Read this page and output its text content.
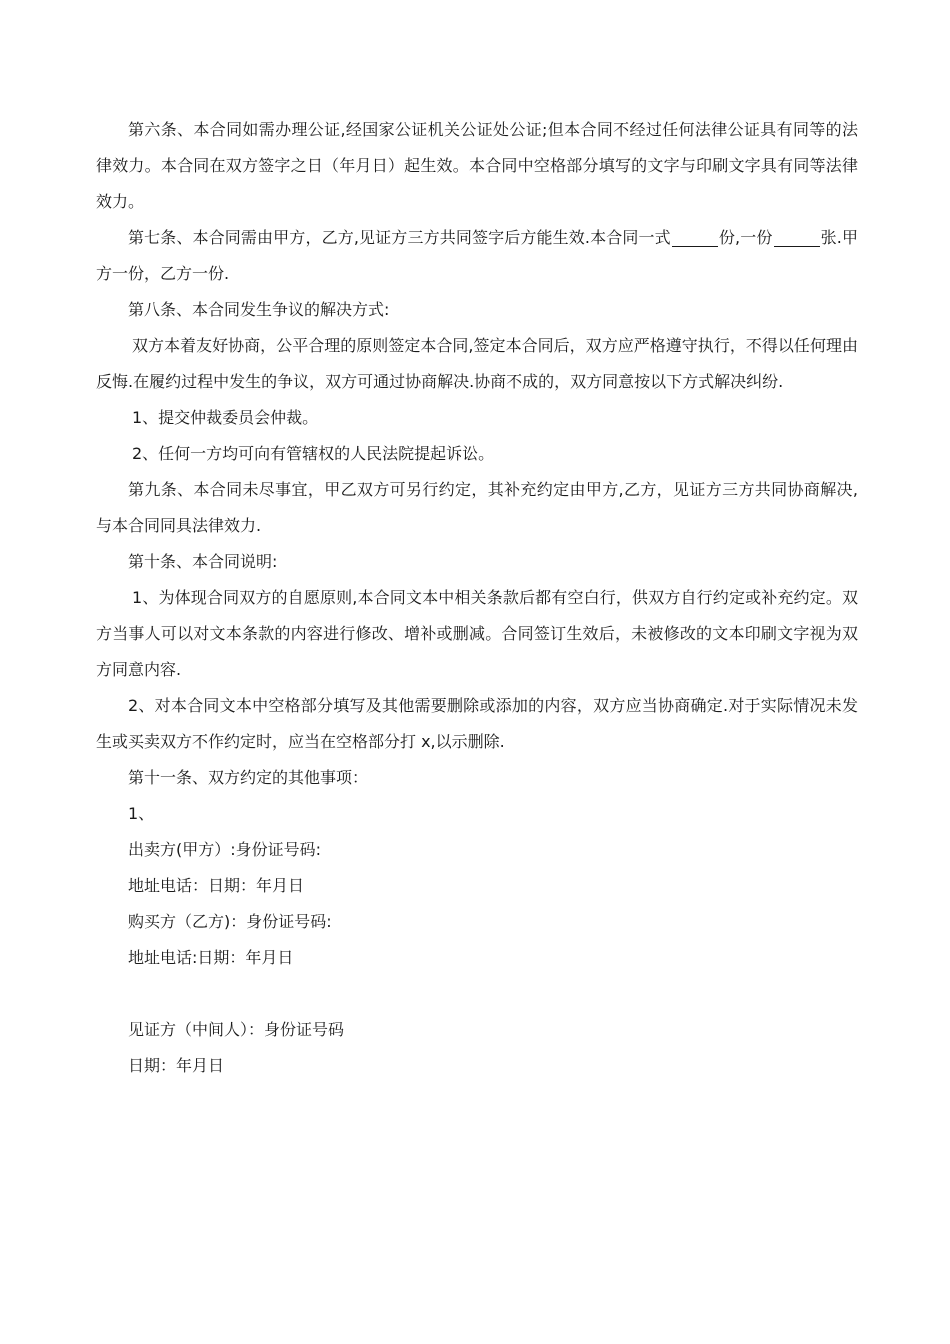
第六条、本合同如需办理公证,经国家公证机关公证处公证;但本合同不经过任何法律公证具有同等的法律效力。本合同在双方签字之日（年月日）起生效。本合同中空格部分填写的文字与印刷文字具有同等法律效力。

第七条、本合同需由甲方，乙方,见证方三方共同签字后方能生效.本合同一式	份,一份	张.甲方一份，乙方一份.

第八条、本合同发生争议的解决方式:

双方本着友好协商，公平合理的原则签定本合同,签定本合同后，双方应严格遵守执行，不得以任何理由反悔.在履约过程中发生的争议，双方可通过协商解决.协商不成的，双方同意按以下方式解决纠纷.

1、提交仲裁委员会仲裁。

2、任何一方均可向有管辖权的人民法院提起诉讼。

第九条、本合同未尽事宜，甲乙双方可另行约定，其补充约定由甲方,乙方，见证方三方共同协商解决,与本合同同具法律效力.

第十条、本合同说明:

1、为体现合同双方的自愿原则,本合同文本中相关条款后都有空白行，供双方自行约定或补充约定。双方当事人可以对文本条款的内容进行修改、增补或删减。合同签订生效后，未被修改的文本印刷文字视为双方同意内容.

2、对本合同文本中空格部分填写及其他需要删除或添加的内容，双方应当协商确定.对于实际情况未发生或买卖双方不作约定时，应当在空格部分打 x,以示删除.

第十一条、双方约定的其他事项：

1、

出卖方(甲方）:身份证号码:

地址电话：日期：年月日

购买方（乙方)：身份证号码:

地址电话:日期：年月日

见证方（中间人）：身份证号码

日期：年月日
